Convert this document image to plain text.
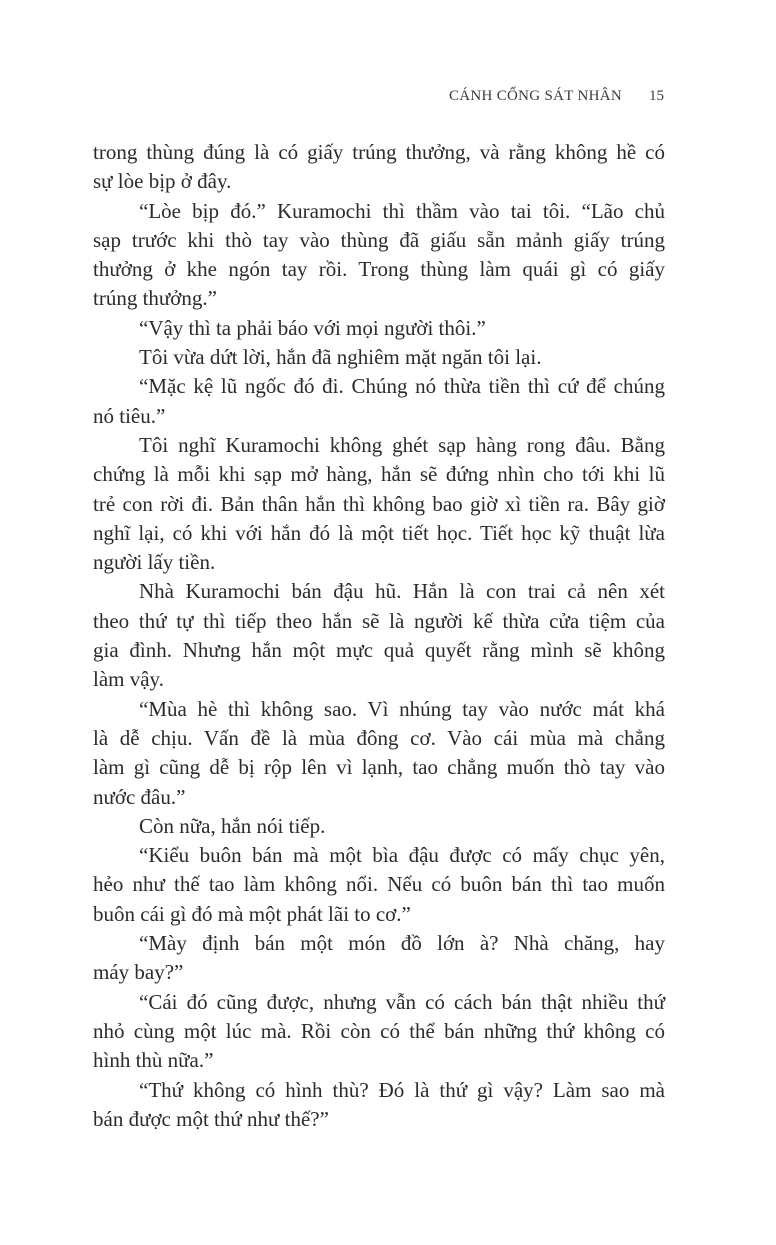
CÁNH CỔNG SÁT NHÂN 15
trong thùng đúng là có giấy trúng thưởng, và rằng không hề có
sự lòe bịp ở đây.
“Lòe bịp đó.” Kuramochi thì thầm vào tai tôi. “Lão chủ
sạp trước khi thò tay vào thùng đã giấu sẵn mảnh giấy trúng
thưởng ở khe ngón tay rồi. Trong thùng làm quái gì có giấy
trúng thưởng.”
“Vậy thì ta phải báo với mọi người thôi.”
Tôi vừa dứt lời, hắn đã nghiêm mặt ngăn tôi lại.
“Mặc kệ lũ ngốc đó đi. Chúng nó thừa tiền thì cứ để chúng
nó tiêu.”
Tôi nghĩ Kuramochi không ghét sạp hàng rong đâu. Bằng
chứng là mỗi khi sạp mở hàng, hắn sẽ đứng nhìn cho tới khi lũ
trẻ con rời đi. Bản thân hắn thì không bao giờ xì tiền ra. Bây giờ
nghĩ lại, có khi với hắn đó là một tiết học. Tiết học kỹ thuật lừa
người lấy tiền.
Nhà Kuramochi bán đậu hũ. Hắn là con trai cả nên xét
theo thứ tự thì tiếp theo hắn sẽ là người kế thừa cửa tiệm của
gia đình. Nhưng hắn một mực quả quyết rằng mình sẽ không
làm vậy.
“Mùa hè thì không sao. Vì nhúng tay vào nước mát khá
là dễ chịu. Vấn đề là mùa đông cơ. Vào cái mùa mà chẳng
làm gì cũng dễ bị rộp lên vì lạnh, tao chẳng muốn thò tay vào
nước đâu.”
Còn nữa, hắn nói tiếp.
“Kiểu buôn bán mà một bìa đậu được có mấy chục yên,
hẻo như thế tao làm không nổi. Nếu có buôn bán thì tao muốn
buôn cái gì đó mà một phát lãi to cơ.”
“Mày định bán một món đồ lớn à? Nhà chăng, hay
máy bay?”
“Cái đó cũng được, nhưng vẫn có cách bán thật nhiều thứ
nhỏ cùng một lúc mà. Rồi còn có thể bán những thứ không có
hình thù nữa.”
“Thứ không có hình thù? Đó là thứ gì vậy? Làm sao mà
bán được một thứ như thế?”
